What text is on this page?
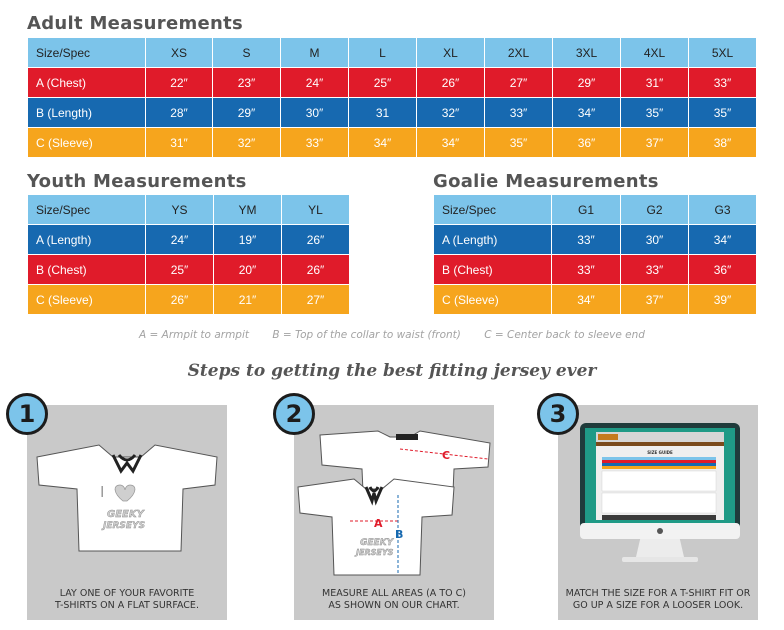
Adult Measurements
Size/Spec	XS	S	M	L	XL	2XL	3XL	4XL	5XL
A (Chest)	22″	23″	24″	25″	26″	27″	29″	31″	33″
B (Length)	28″	29″	30″	31	32″	33″	34″	35″	35″
C (Sleeve)	31″	32″	33″	34″	34″	35″	36″	37″	38″
Youth Measurements
Size/Spec	YS	YM	YL
A (Length)	24″	19″	26″
B (Chest)	25″	20″	26″
C (Sleeve)	26″	21″	27″
Goalie Measurements
Size/Spec	G1	G2	G3
A (Length)	33″	30″	34″
B (Chest)	33″	33″	36″
C (Sleeve)	34″	37″	39″
A = Armpit to armpit B = Top of the collar to waist (front) C = Center back to sleeve end
Steps to getting the best fitting jersey ever
I
GEEKY
JERSEYS
LAY ONE OF YOUR FAVORITE
T-SHIRTS ON A FLAT SURFACE.
1
C
A
B
GEEKY
JERSEYS
MEASURE ALL AREAS (A TO C)
AS SHOWN ON OUR CHART.
2
SIZE GUIDE
MATCH THE SIZE FOR A T-SHIRT FIT OR
GO UP A SIZE FOR A LOOSER LOOK.
3
